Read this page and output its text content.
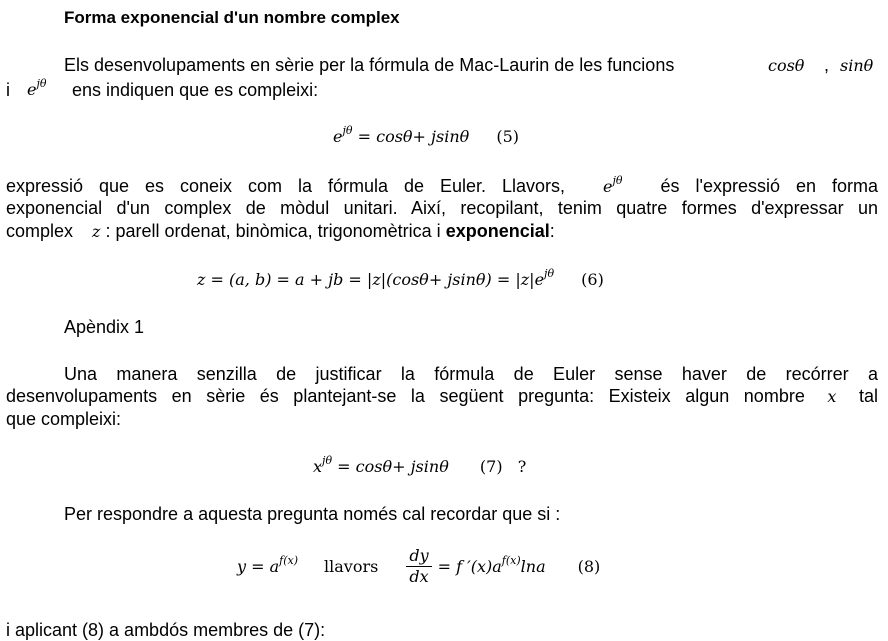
Forma exponencial d'un nombre complex
Els desenvolupaments en sèrie per la fórmula de Mac-Laurin de les funcions	cosθ , sinθ
i $e^{j\theta}$ ens indiquen que es compleixi:
$e^{j\theta} = \cos\theta+ jsin\theta$ (5)
expressió que es coneix com la fórmula de Euler. Llavors, $e^{j\theta}$ és l'expressió en forma
exponencial d'un complex de mòdul unitari. Així, recopilant, tenim quatre formes d'expressar un
complex z : parell ordenat, binòmica, trigonomètrica i exponencial:
z = (a, b) = a + jb = $|z|(\cos\theta+ jsin\theta) = |z|e^{j\theta}$ (6)
Apèndix 1
Una manera senzilla de justificar la fórmula de Euler sense haver de recórrer a
desenvolupaments en sèrie és plantejant-se la següent pregunta: Existeix algun nombre x tal
que compleixi:
$x^{j\theta} = \cos\theta+ jsin\theta$ (7) ?
Per respondre a aquesta pregunta només cal recordar que si :
$y = a^{f(x)}$ llavors $\frac{dy}{dx} = f$ $'(x)a^{f(x)}\ln a$ (8)
i aplicant (8) a ambdós membres de (7):
